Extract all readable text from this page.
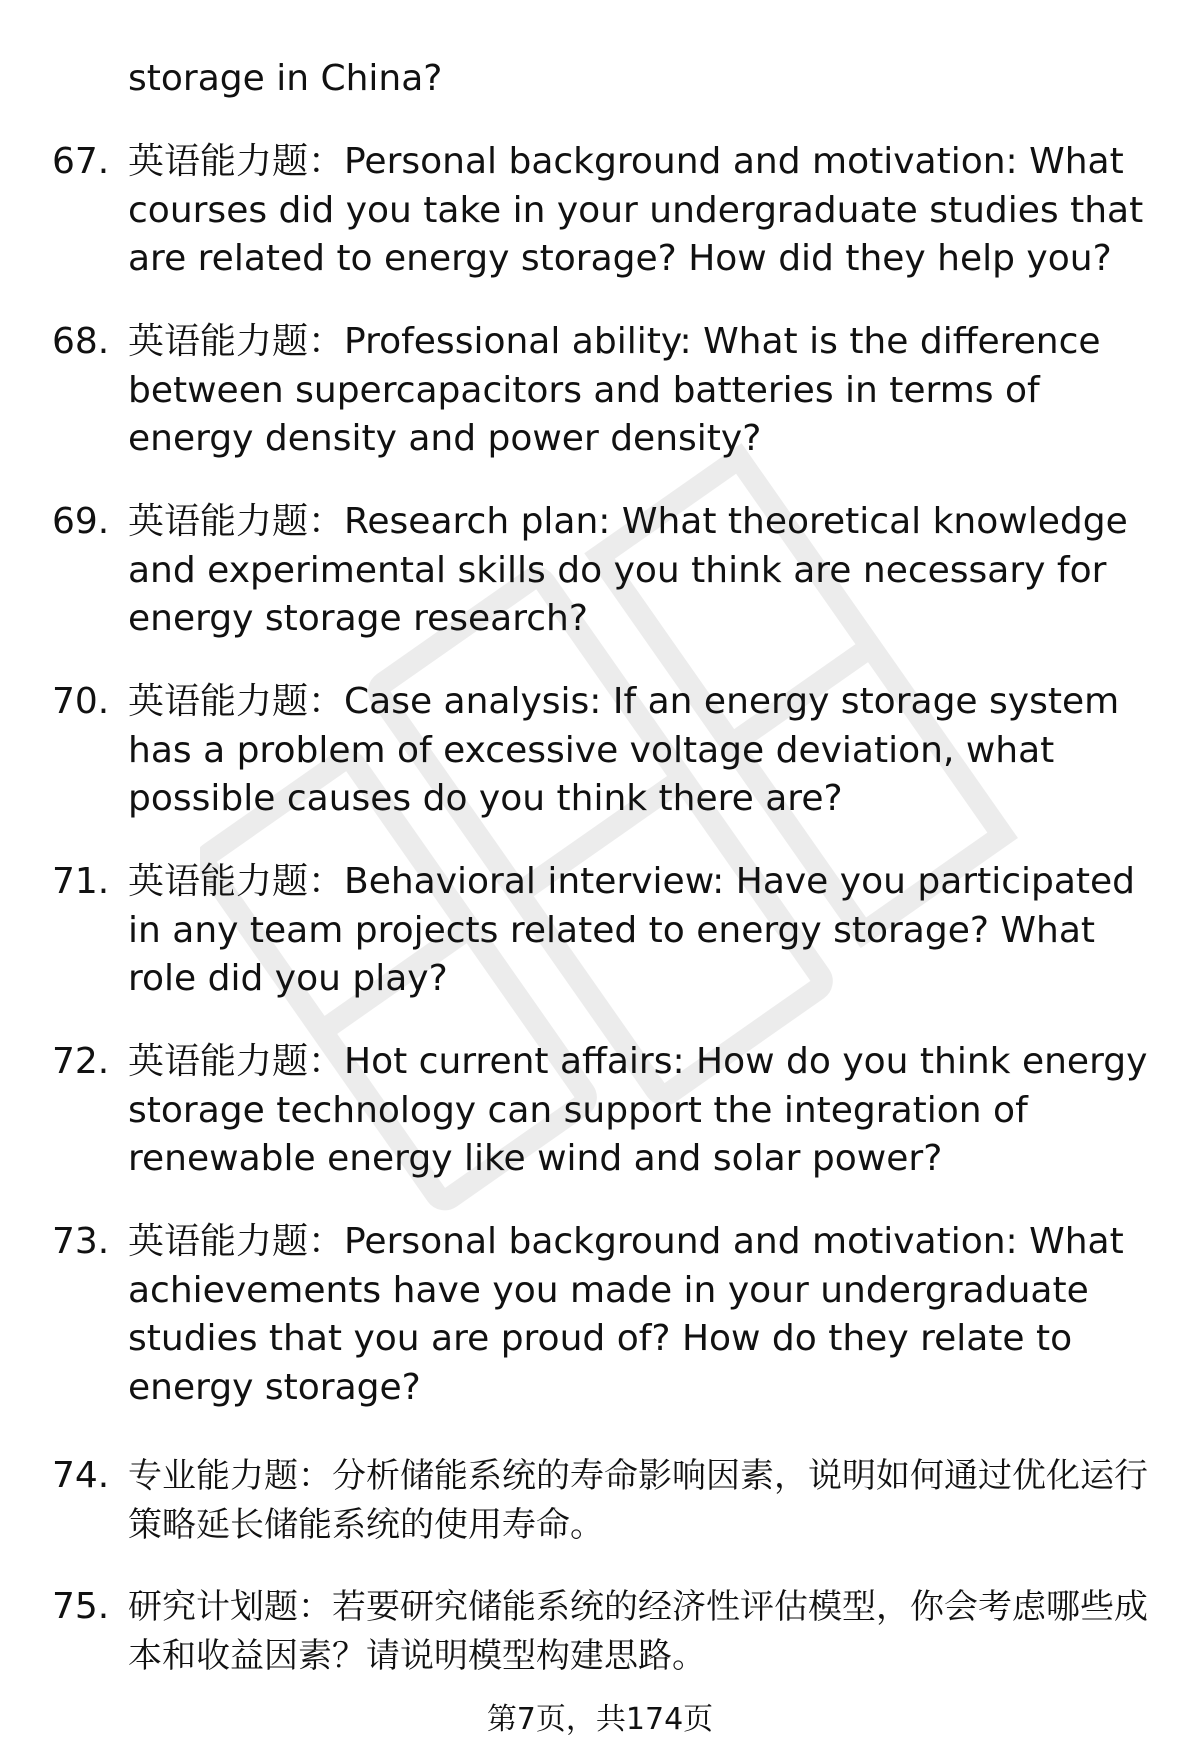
storage in China?
67. 英语能力题：Personal background and motivation: What courses did you take in your undergraduate studies that are related to energy storage? How did they help you?
68. 英语能力题：Professional ability: What is the difference between supercapacitors and batteries in terms of energy density and power density?
69. 英语能力题：Research plan: What theoretical knowledge and experimental skills do you think are necessary for energy storage research?
70. 英语能力题：Case analysis: If an energy storage system has a problem of excessive voltage deviation, what possible causes do you think there are?
71. 英语能力题：Behavioral interview: Have you participated in any team projects related to energy storage? What role did you play?
72. 英语能力题：Hot current affairs: How do you think energy storage technology can support the integration of renewable energy like wind and solar power?
73. 英语能力题：Personal background and motivation: What achievements have you made in your undergraduate studies that you are proud of? How do they relate to energy storage?
74. 专业能力题：分析储能系统的寿命影响因素，说明如何通过优化运行策略延长储能系统的使用寿命。
75. 研究计划题：若要研究储能系统的经济性评估模型，你会考虑哪些成本和收益因素？请说明模型构建思路。
第7页，共174页
